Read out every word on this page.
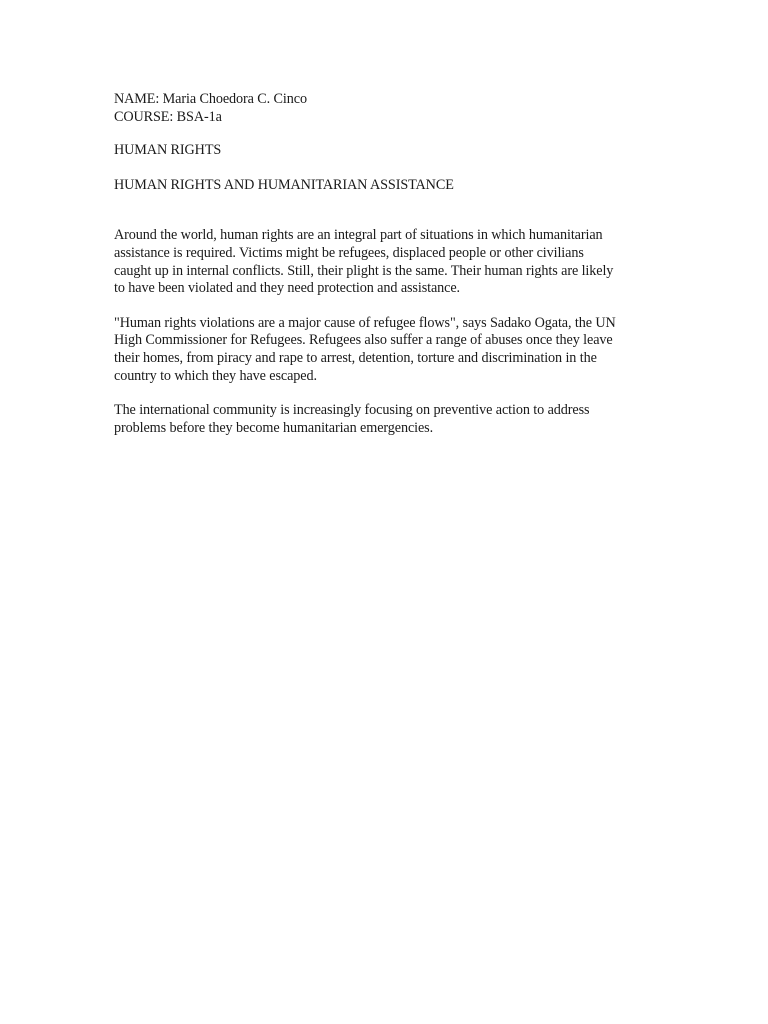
NAME: Maria Choedora C. Cinco
COURSE: BSA-1a
HUMAN RIGHTS
HUMAN RIGHTS AND HUMANITARIAN ASSISTANCE
Around the world, human rights are an integral part of situations in which humanitarian
assistance is required. Victims might be refugees, displaced people or other civilians
caught up in internal conflicts. Still, their plight is the same. Their human rights are likely
to have been violated and they need protection and assistance.
"Human rights violations are a major cause of refugee flows", says Sadako Ogata, the UN
High Commissioner for Refugees. Refugees also suffer a range of abuses once they leave
their homes, from piracy and rape to arrest, detention, torture and discrimination in the
country to which they have escaped.
The international community is increasingly focusing on preventive action to address
problems before they become humanitarian emergencies.
